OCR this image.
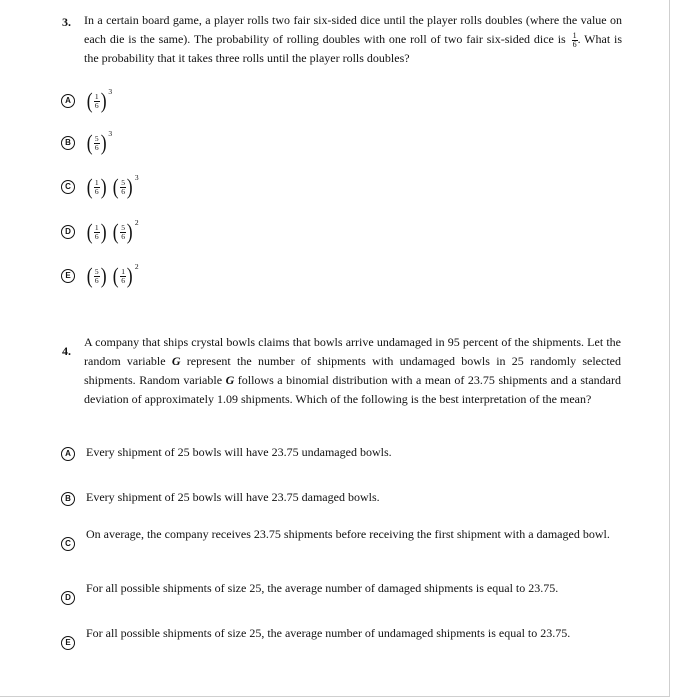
3. In a certain board game, a player rolls two fair six-sided dice until the player rolls doubles (where the value on each die is the same). The probability of rolling doubles with one roll of two fair six-sided dice is $\frac{1}{6}$ . What is the probability that it takes three rolls until the player rolls doubles?
A ( $\frac{1}{6}$ ) 3
B ( $\frac{5}{6}$ ) 3
C ( $\frac{1}{6}$ ) ( $\frac{5}{6}$ ) 3
D ( $\frac{1}{6}$ ) ( $\frac{5}{6}$ ) 2
E ( $\frac{5}{6}$ ) ( $\frac{1}{6}$ ) 2
4.
A company that ships crystal bowls claims that bowls arrive undamaged in 95 percent of the shipments. Let the random variable G represent the number of shipments with undamaged bowls in 25 randomly selected shipments. Random variable G follows a binomial distribution with a mean of 23.75 shipments and a standard deviation of approximately 1.09 shipments. Which of the following is the best interpretation of the mean?
A	Every shipment of 25 bowls will have 23.75 undamaged bowls.
B	Every shipment of 25 bowls will have 23.75 damaged bowls.
C
On average, the company receives 23.75 shipments before receiving the first shipment with a damaged bowl.
D
For all possible shipments of size 25, the average number of damaged shipments is equal to 23.75.
E
For all possible shipments of size 25, the average number of undamaged shipments is equal to 23.75.
